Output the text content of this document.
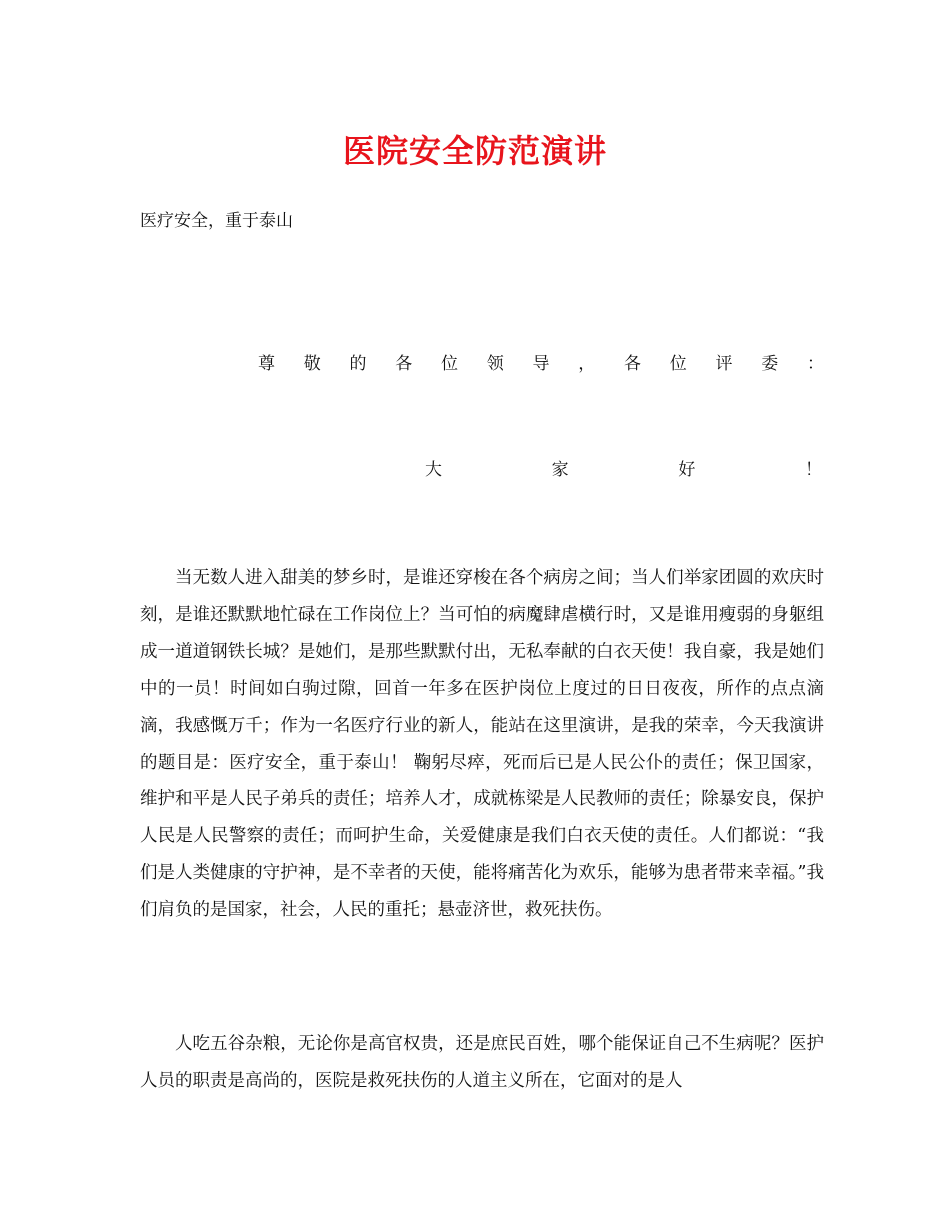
医院安全防范演讲
医疗安全，重于泰山
尊 敬 的 各 位 领 导 ， 各 位 评 委 ：
大	家	好	！

当无数人进入甜美的梦乡时，是谁还穿梭在各个病房之间；当人们举家团圆的欢庆时刻，是谁还默默地忙碌在工作岗位上？当可怕的病魔肆虐横行时，又是谁用瘦弱的身躯组成一道道钢铁长城？是她们，是那些默默付出，无私奉献的白衣天使！我自豪，我是她们中的一员！时间如白驹过隙，回首一年多在医护岗位上度过的日日夜夜，所作的点点滴滴，我感慨万千；作为一名医疗行业的新人，能站在这里演讲，是我的荣幸，今天我演讲的题目是：医疗安全，重于泰山！ 鞠躬尽瘁，死而后已是人民公仆的责任；保卫国家，维护和平是人民子弟兵的责任；培养人才，成就栋梁是人民教师的责任；除暴安良，保护人民是人民警察的责任；而呵护生命，关爱健康是我们白衣天使的责任。人们都说：“我们是人类健康的守护神，是不幸者的天使，能将痛苦化为欢乐，能够为患者带来幸福。”我们肩负的是国家，社会，人民的重托；悬壶济世，救死扶伤。

人吃五谷杂粮，无论你是高官权贵，还是庶民百姓，哪个能保证自己不生病呢？医护人员的职责是高尚的，医院是救死扶伤的人道主义所在，它面对的是人
